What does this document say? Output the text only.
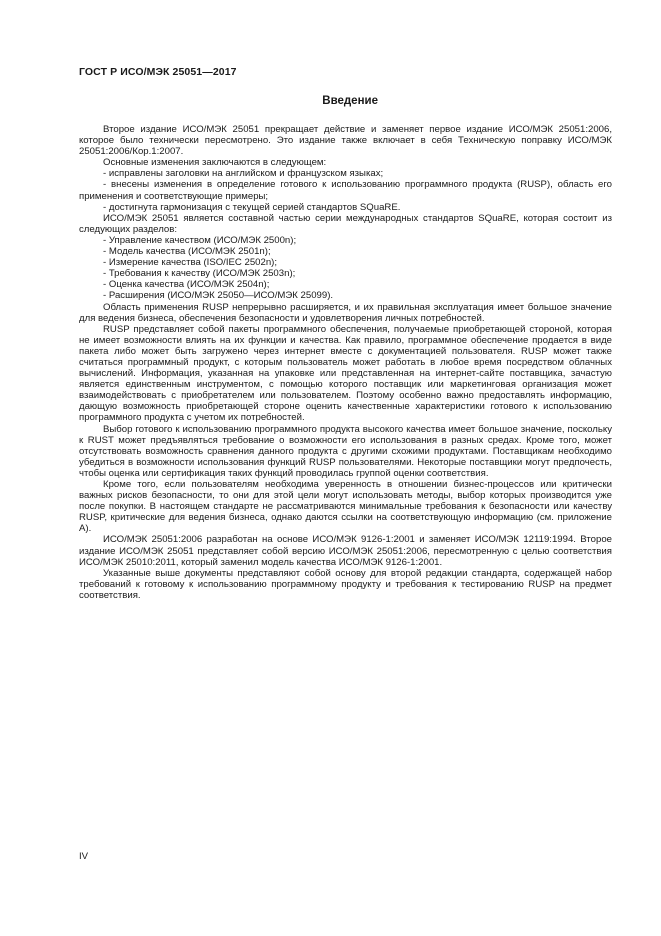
ГОСТ Р ИСО/МЭК 25051—2017
Введение

Второе издание ИСО/МЭК 25051 прекращает действие и заменяет первое издание ИСО/МЭК 25051:2006, которое было технически пересмотрено. Это издание также включает в себя Техническую поправку ИСО/МЭК 25051:2006/Кор.1:2007.

Основные изменения заключаются в следующем:

- исправлены заголовки на английском и французском языках;

- внесены изменения в определение готового к использованию программного продукта (RUSP), область его применения и соответствующие примеры;

- достигнута гармонизация с текущей серией стандартов SQuaRE.

ИСО/МЭК 25051 является составной частью серии международных стандартов SQuaRE, которая состоит из следующих разделов:

- Управление качеством (ИСО/МЭК 2500n);

- Модель качества (ИСО/МЭК 2501n);

- Измерение качества (ISO/IEC 2502n);

- Требования к качеству (ИСО/МЭК 2503n);

- Оценка качества (ИСО/МЭК 2504n);

- Расширения (ИСО/МЭК 25050—ИСО/МЭК 25099).

Область применения RUSP непрерывно расширяется, и их правильная эксплуатация имеет большое значение для ведения бизнеса, обеспечения безопасности и удовлетворения личных потребностей.

RUSP представляет собой пакеты программного обеспечения, получаемые приобретающей стороной, которая не имеет возможности влиять на их функции и качества. Как правило, программное обеспечение продается в виде пакета либо может быть загружено через интернет вместе с документацией пользователя. RUSP может также считаться программный продукт, с которым пользователь может работать в любое время посредством облачных вычислений. Информация, указанная на упаковке или представленная на интернет-сайте поставщика, зачастую является единственным инструментом, с помощью которого поставщик или маркетинговая организация может взаимодействовать с приобретателем или пользователем. Поэтому особенно важно предоставлять информацию, дающую возможность приобретающей стороне оценить качественные характеристики готового к использованию программного продукта с учетом их потребностей.

Выбор готового к использованию программного продукта высокого качества имеет большое значение, поскольку к RUST может предъявляться требование о возможности его использования в разных средах. Кроме того, может отсутствовать возможность сравнения данного продукта с другими схожими продуктами. Поставщикам необходимо убедиться в возможности использования функций RUSP пользователями. Некоторые поставщики могут предпочесть, чтобы оценка или сертификация таких функций проводилась группой оценки соответствия.

Кроме того, если пользователям необходима уверенность в отношении бизнес-процессов или критически важных рисков безопасности, то они для этой цели могут использовать методы, выбор которых производится уже после покупки. В настоящем стандарте не рассматриваются минимальные требования к безопасности или качеству RUSP, критические для ведения бизнеса, однако даются ссылки на соответствующую информацию (см. приложение А).

ИСО/МЭК 25051:2006 разработан на основе ИСО/МЭК 9126-1:2001 и заменяет ИСО/МЭК 12119:1994. Второе издание ИСО/МЭК 25051 представляет собой версию ИСО/МЭК 25051:2006, пересмотренную с целью соответствия ИСО/МЭК 25010:2011, который заменил модель качества ИСО/МЭК 9126-1:2001.

Указанные выше документы представляют собой основу для второй редакции стандарта, содержащей набор требований к готовому к использованию программному продукту и требования к тестированию RUSP на предмет соответствия.

IV
